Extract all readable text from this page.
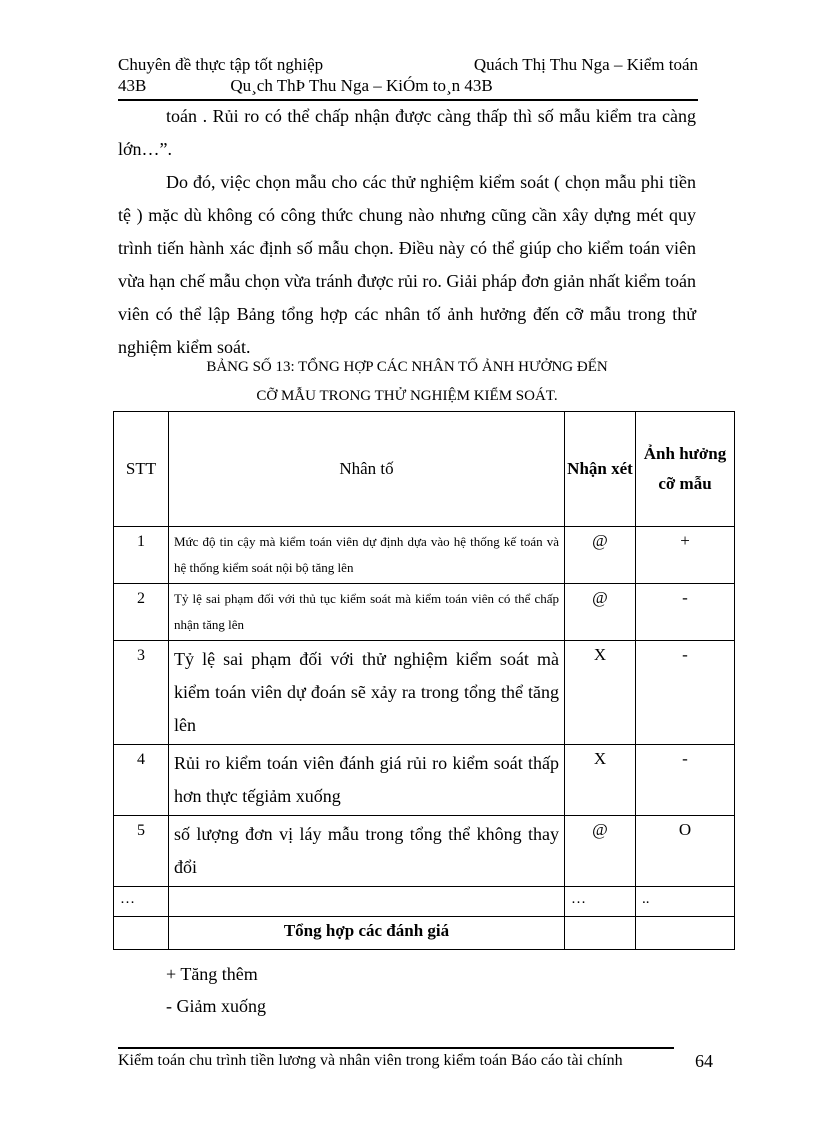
Chuyên đề thực tập tốt nghiệp	Quách Thị Thu Nga – Kiểm toán
43B	Qu¸ch ThÞ Thu Nga – KiÓm to¸n 43B

toán . Rủi ro có thể chấp nhận được càng thấp thì số mẫu kiểm tra càng lớn…”.

Do đó, việc chọn mẫu cho các thử nghiệm kiểm soát ( chọn mẫu phi tiền tệ ) mặc dù không có công thức chung nào nhưng cũng cần xây dựng mét quy trình tiến hành xác định số mẫu chọn. Điều này có thể giúp cho kiểm toán viên vừa hạn chế mẫu chọn vừa tránh được rủi ro. Giải pháp đơn giản nhất kiểm toán viên có thể lập Bảng tổng hợp các nhân tố ảnh hưởng đến cỡ mẫu trong thử nghiệm kiểm soát.

BẢNG SỐ 13: TỔNG HỢP CÁC NHÂN TỐ ẢNH HƯỞNG ĐẾN
CỠ MẪU TRONG THỬ NGHIỆM KIỂM SOÁT.
STT	Nhân tố	Nhận xét	Ảnh hưởng cỡ mẫu
1	Mức độ tin cậy mà kiểm toán viên dự định dựa vào hệ thống kế toán và hệ thống kiểm soát nội bộ tăng lên	@	+
2	Tỷ lệ sai phạm đối với thủ tục kiểm soát mà kiểm toán viên có thể chấp nhận tăng lên	@	-
3	Tỷ lệ sai phạm đối với thử nghiệm kiểm soát mà kiểm toán viên dự đoán sẽ xảy ra trong tổng thể tăng lên	X	-
4	Rủi ro kiểm toán viên đánh giá rủi ro kiểm soát thấp hơn thực tếgiảm xuống	X	-
5	số lượng đơn vị láy mẫu trong tổng thể không thay đổi	@	O
…		…	..
	Tổng hợp các đánh giá		
+ Tăng thêm
- Giảm xuống
Kiểm toán chu trình tiền lương và nhân viên trong kiểm toán Báo cáo tài chính	64
